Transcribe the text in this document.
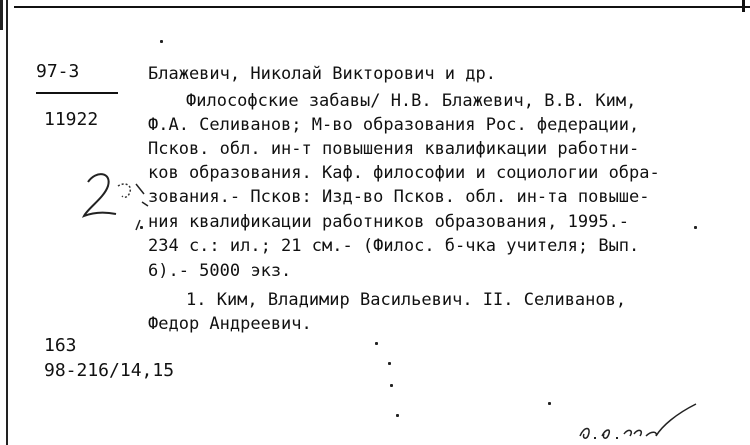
97-3
11922
Блажевич, Николай Викторович и др.
Философские забавы/ Н.В. Блажевич, В.В. Ким,
Ф.А. Селиванов; М-во образования Рос. федерации,
Псков. обл. ин-т повышения квалификации работни-
ков образования. Каф. философии и социологии обра-
зования.- Псков: Изд-во Псков. обл. ин-та повыше-
ния квалификации работников образования, 1995.-
234 с.: ил.; 21 см.- (Филос. б-чка учителя; Вып.
6).- 5000 экз.
1. Ким, Владимир Васильевич. II. Селиванов,
Федор Андреевич.
163
98-216/14,15
